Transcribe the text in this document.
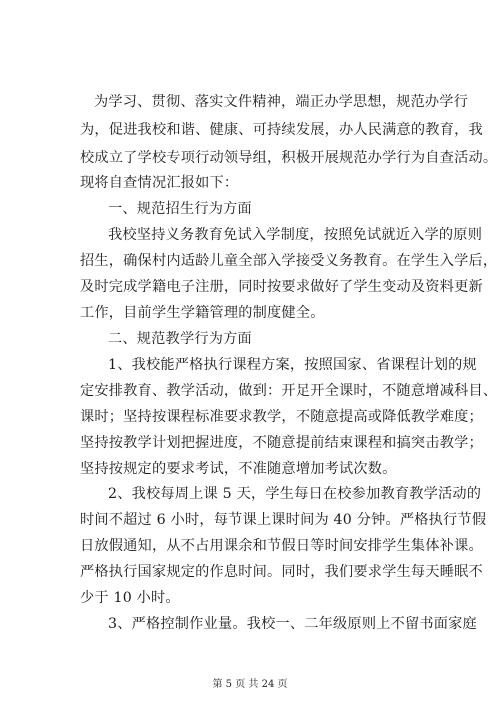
为学习、贯彻、落实文件精神，端正办学思想，规范办学行
为，促进我校和谐、健康、可持续发展，办人民满意的教育，我
校成立了学校专项行动领导组，积极开展规范办学行为自查活动。
现将自查情况汇报如下：
一、规范招生行为方面
我校坚持义务教育免试入学制度，按照免试就近入学的原则
招生，确保村内适龄儿童全部入学接受义务教育。在学生入学后，
及时完成学籍电子注册，同时按要求做好了学生变动及资料更新
工作，目前学生学籍管理的制度健全。
二、规范教学行为方面
1、我校能严格执行课程方案，按照国家、省课程计划的规
定安排教育、教学活动，做到：开足开全课时，不随意增减科目、
课时；坚持按课程标准要求教学，不随意提高或降低教学难度；
坚持按教学计划把握进度，不随意提前结束课程和搞突击教学；
坚持按规定的要求考试，不准随意增加考试次数。
2、我校每周上课 5 天，学生每日在校参加教育教学活动的
时间不超过 6 小时，每节课上课时间为 40 分钟。严格执行节假
日放假通知，从不占用课余和节假日等时间安排学生集体补课。
严格执行国家规定的作息时间。同时，我们要求学生每天睡眠不
少于 10 小时。
3、严格控制作业量。我校一、二年级原则上不留书面家庭
第 5 页 共 24 页
